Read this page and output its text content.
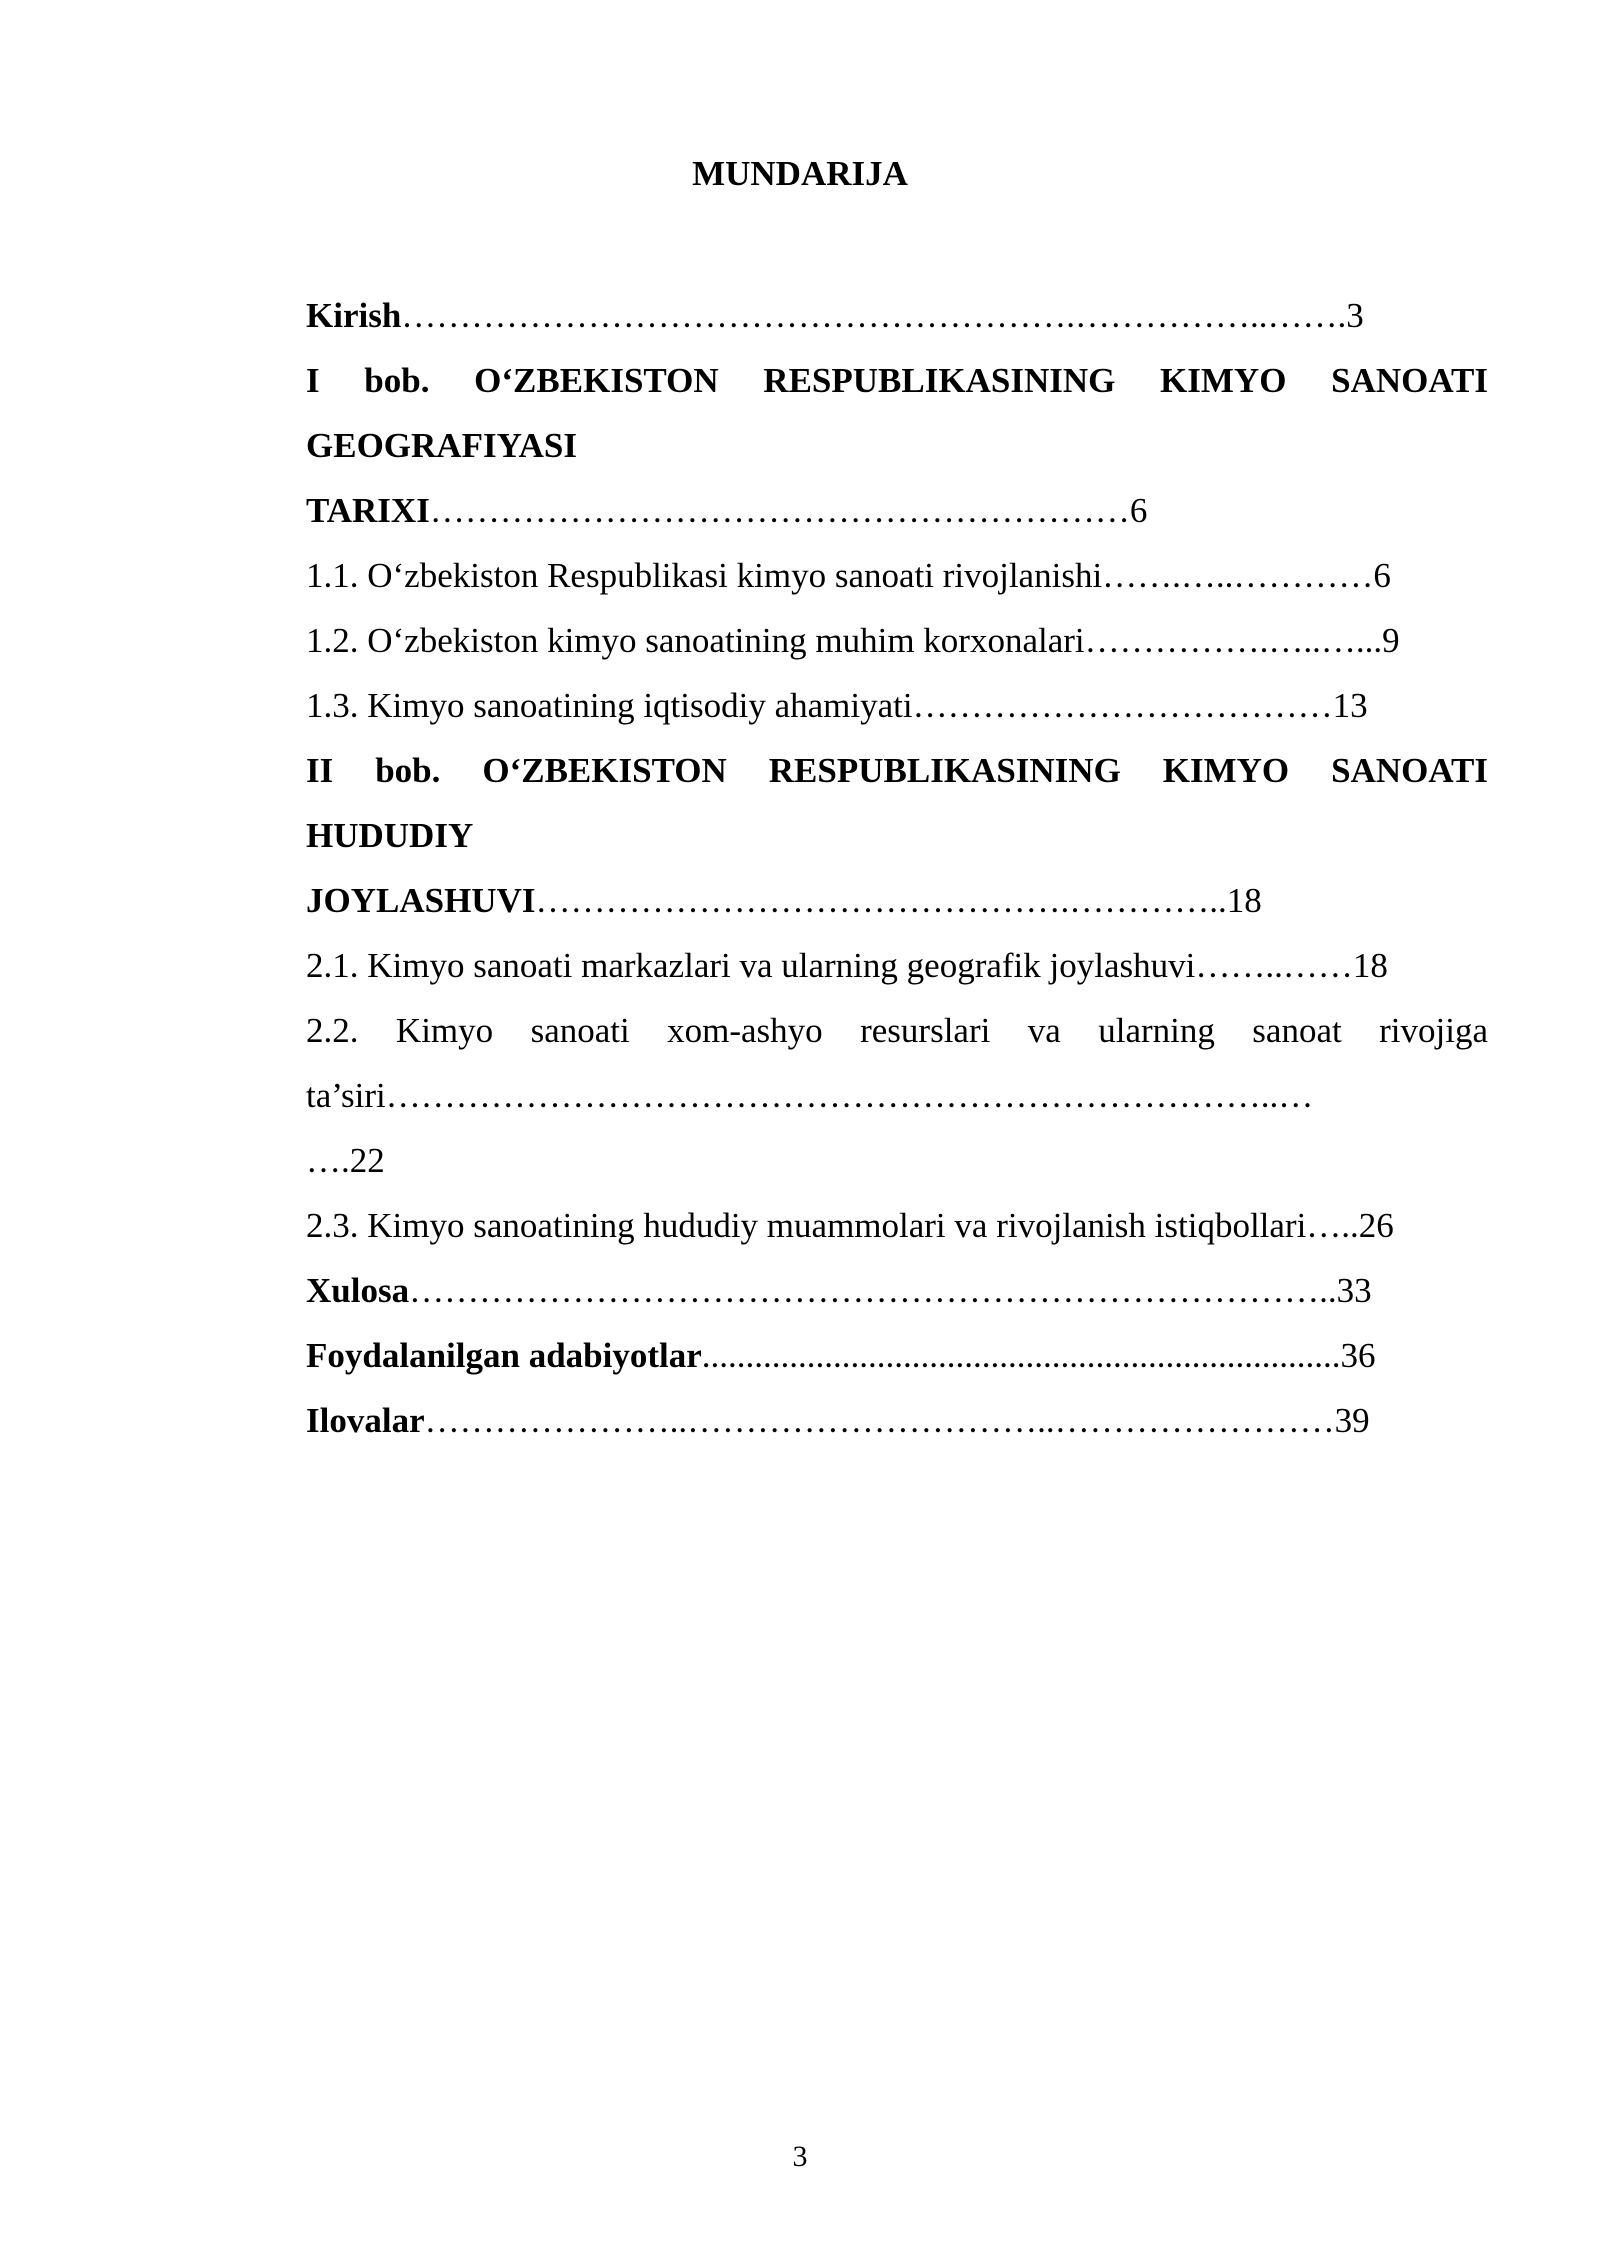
MUNDARIJA
Kirish………………………………………………….……………..…….3
I bob. O‘ZBEKISTON RESPUBLIKASINING KIMYO SANOATI
GEOGRAFIYASI
TARIXI……………………………………………………6
1.1. O‘zbekiston Respublikasi kimyo sanoati rivojlanishi…….…..…………6
1.2. O‘zbekiston kimyo sanoatining muhim korxonalari…………….…..…...9
1.3. Kimyo sanoatining iqtisodiy ahamiyati………………………………13
II bob. O‘ZBEKISTON RESPUBLIKASINING KIMYO SANOATI
HUDUDIY
JOYLASHUVI……………………………………….…………..18
2.1. Kimyo sanoati markazlari va ularning geografik joylashuvi……..……18
2.2. Kimyo sanoati xom-ashyo resurslari va ularning sanoat rivojiga
ta’siri…………………………………………………………………..…
….22
2.3. Kimyo sanoatining hududiy muammolari va rivojlanish istiqbollari…..26
Xulosa……………………………………………………………………..33
Foydalanilgan adabiyotlar.........................................................................36
Ilovalar…………………..…………………………..……………………39
3
